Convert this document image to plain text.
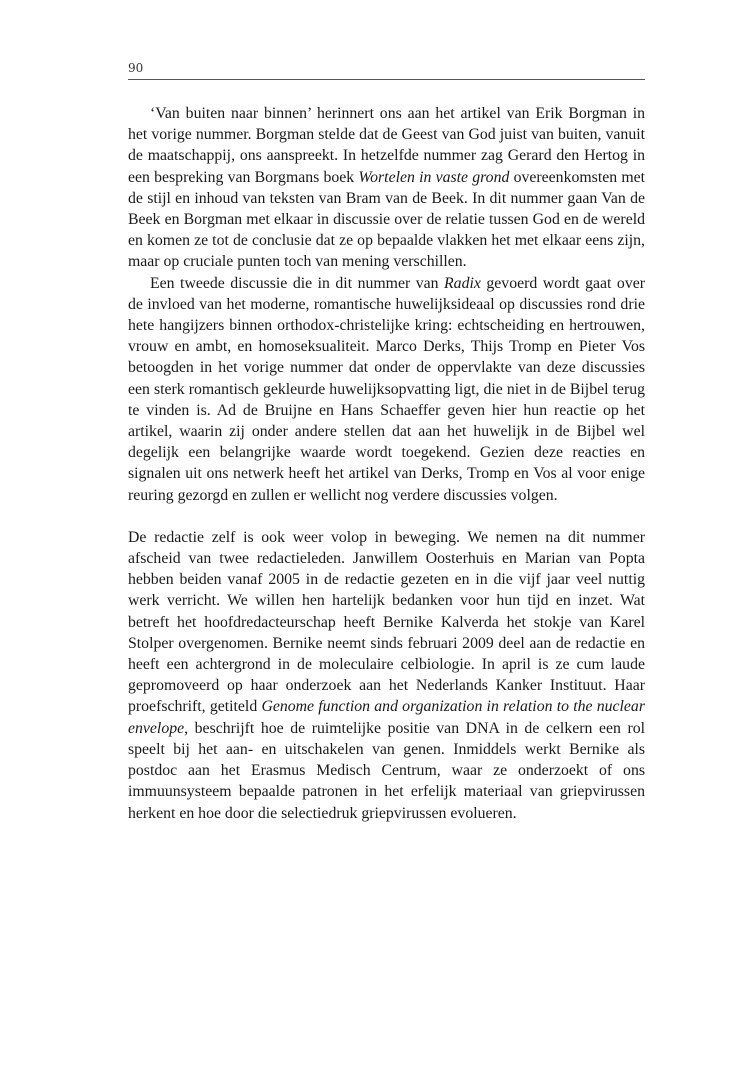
90

‘Van buiten naar binnen’ herinnert ons aan het artikel van Erik Borgman in het vorige nummer. Borgman stelde dat de Geest van God juist van buiten, vanuit de maatschappij, ons aanspreekt. In hetzelfde nummer zag Gerard den Hertog in een bespreking van Borgmans boek Wortelen in vaste grond overeenkomsten met de stijl en inhoud van teksten van Bram van de Beek. In dit nummer gaan Van de Beek en Borgman met elkaar in discussie over de relatie tussen God en de wereld en komen ze tot de conclusie dat ze op bepaalde vlakken het met elkaar eens zijn, maar op cruciale punten toch van mening verschillen.

Een tweede discussie die in dit nummer van Radix gevoerd wordt gaat over de invloed van het moderne, romantische huwelijksideaal op discussies rond drie hete hangijzers binnen orthodox-christelijke kring: echtscheiding en hertrouwen, vrouw en ambt, en homoseksualiteit. Marco Derks, Thijs Tromp en Pieter Vos betoogden in het vorige nummer dat onder de oppervlakte van deze discussies een sterk romantisch gekleurde huwelijksopvatting ligt, die niet in de Bijbel terug te vinden is. Ad de Bruijne en Hans Schaeffer geven hier hun reactie op het artikel, waarin zij onder andere stellen dat aan het huwelijk in de Bijbel wel degelijk een belangrijke waarde wordt toegekend. Gezien deze reacties en signalen uit ons netwerk heeft het artikel van Derks, Tromp en Vos al voor enige reuring gezorgd en zullen er wellicht nog verdere discussies volgen.

De redactie zelf is ook weer volop in beweging. We nemen na dit nummer afscheid van twee redactieleden. Janwillem Oosterhuis en Marian van Popta hebben beiden vanaf 2005 in de redactie gezeten en in die vijf jaar veel nuttig werk verricht. We willen hen hartelijk bedanken voor hun tijd en inzet. Wat betreft het hoofdredacteurschap heeft Bernike Kalverda het stokje van Karel Stolper overgenomen. Bernike neemt sinds februari 2009 deel aan de redactie en heeft een achtergrond in de moleculaire celbiologie. In april is ze cum laude gepromoveerd op haar onderzoek aan het Nederlands Kanker Instituut. Haar proefschrift, getiteld Genome function and organization in relation to the nuclear envelope, beschrijft hoe de ruimtelijke positie van DNA in de celkern een rol speelt bij het aan- en uitschakelen van genen. Inmiddels werkt Bernike als postdoc aan het Erasmus Medisch Centrum, waar ze onderzoekt of ons immuunsysteem bepaalde patronen in het erfelijk materiaal van griepvirussen herkent en hoe door die selectiedruk griepvirussen evolueren.
